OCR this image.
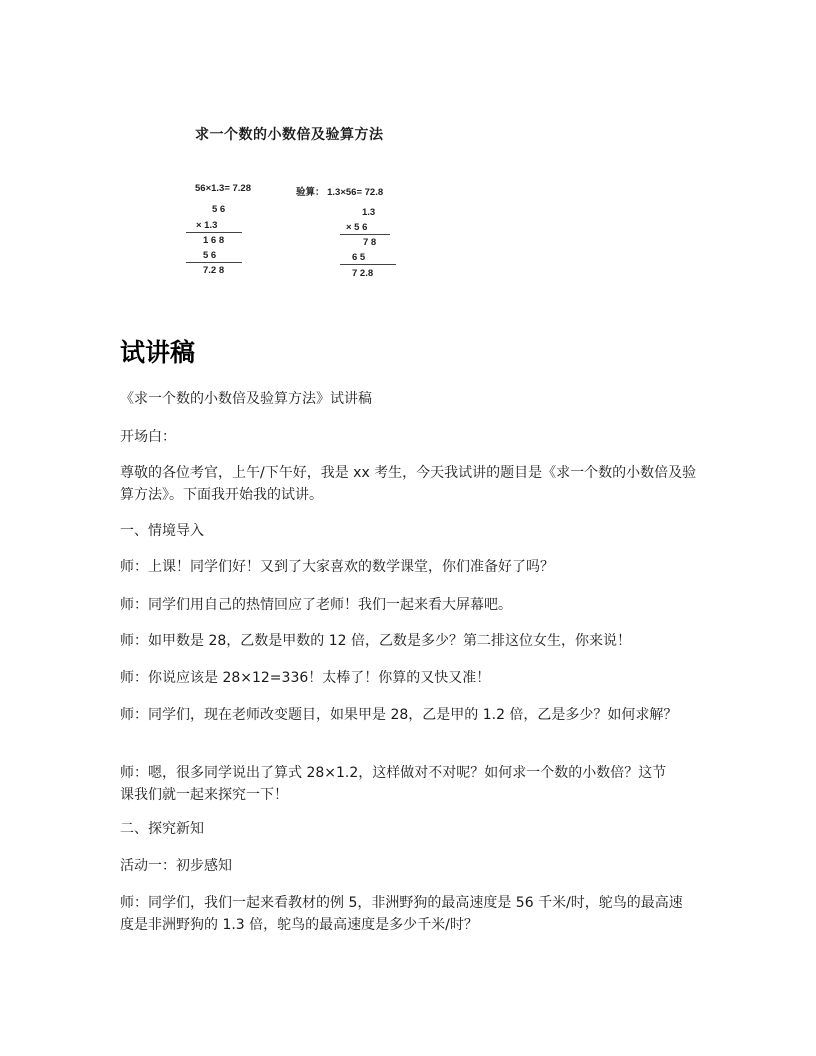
求一个数的小数倍及验算方法
56×1.3= 7.28
5 6
× 1.3
1 6 8
5 6
7.2 8
验算： 1.3×56= 72.8
1.3
× 5 6
7 8
6 5
7 2.8
试讲稿
《求一个数的小数倍及验算方法》试讲稿
开场白：
尊敬的各位考官，上午/下午好，我是 xx 考生，今天我试讲的题目是《求一个数的小数倍及验算方法》。下面我开始我的试讲。
一、情境导入
师：上课！同学们好！又到了大家喜欢的数学课堂，你们准备好了吗？
师：同学们用自己的热情回应了老师！我们一起来看大屏幕吧。
师：如甲数是 28，乙数是甲数的 12 倍，乙数是多少？第二排这位女生，你来说！
师：你说应该是 28×12=336！太棒了！你算的又快又准！
师：同学们，现在老师改变题目，如果甲是 28，乙是甲的 1.2 倍，乙是多少？如何求解？
师：嗯，很多同学说出了算式 28×1.2，这样做对不对呢？如何求一个数的小数倍？这节课我们就一起来探究一下！
二、探究新知
活动一：初步感知
师：同学们，我们一起来看教材的例 5，非洲野狗的最高速度是 56 千米/时，鸵鸟的最高速度是非洲野狗的 1.3 倍，鸵鸟的最高速度是多少千米/时？
